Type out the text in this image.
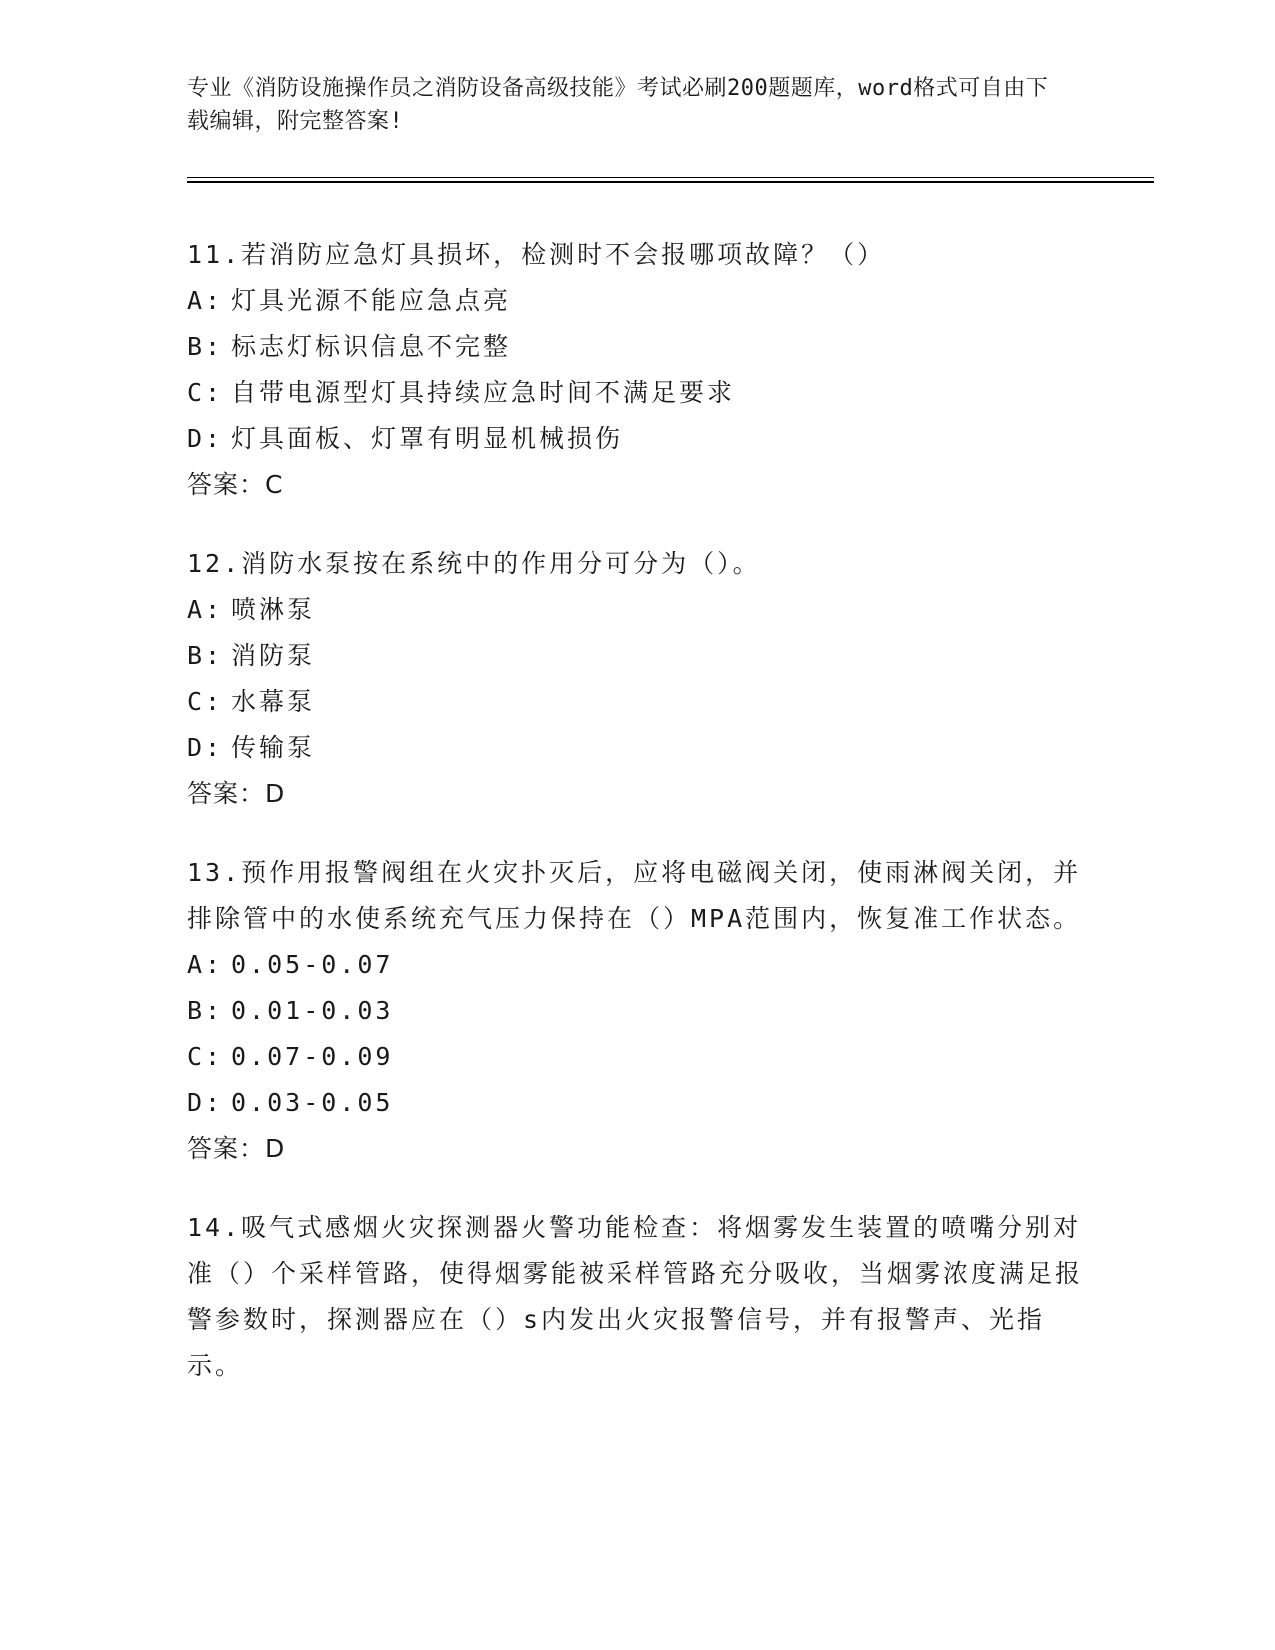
专业《消防设施操作员之消防设备高级技能》考试必刷200题题库，word格式可自由下载编辑，附完整答案!
11.若消防应急灯具损坏，检测时不会报哪项故障？（）
A: 灯具光源不能应急点亮
B: 标志灯标识信息不完整
C: 自带电源型灯具持续应急时间不满足要求
D: 灯具面板、灯罩有明显机械损伤
答案：C
12.消防水泵按在系统中的作用分可分为（）。
A: 喷淋泵
B: 消防泵
C: 水幕泵
D: 传输泵
答案：D
13.预作用报警阀组在火灾扑灭后，应将电磁阀关闭，使雨淋阀关闭，并排除管中的水使系统充气压力保持在（）MPA范围内，恢复准工作状态。
A: 0.05-0.07
B: 0.01-0.03
C: 0.07-0.09
D: 0.03-0.05
答案：D
14.吸气式感烟火灾探测器火警功能检查：将烟雾发生装置的喷嘴分别对准（）个采样管路，使得烟雾能被采样管路充分吸收，当烟雾浓度满足报警参数时，探测器应在（）s内发出火灾报警信号，并有报警声、光指示。
